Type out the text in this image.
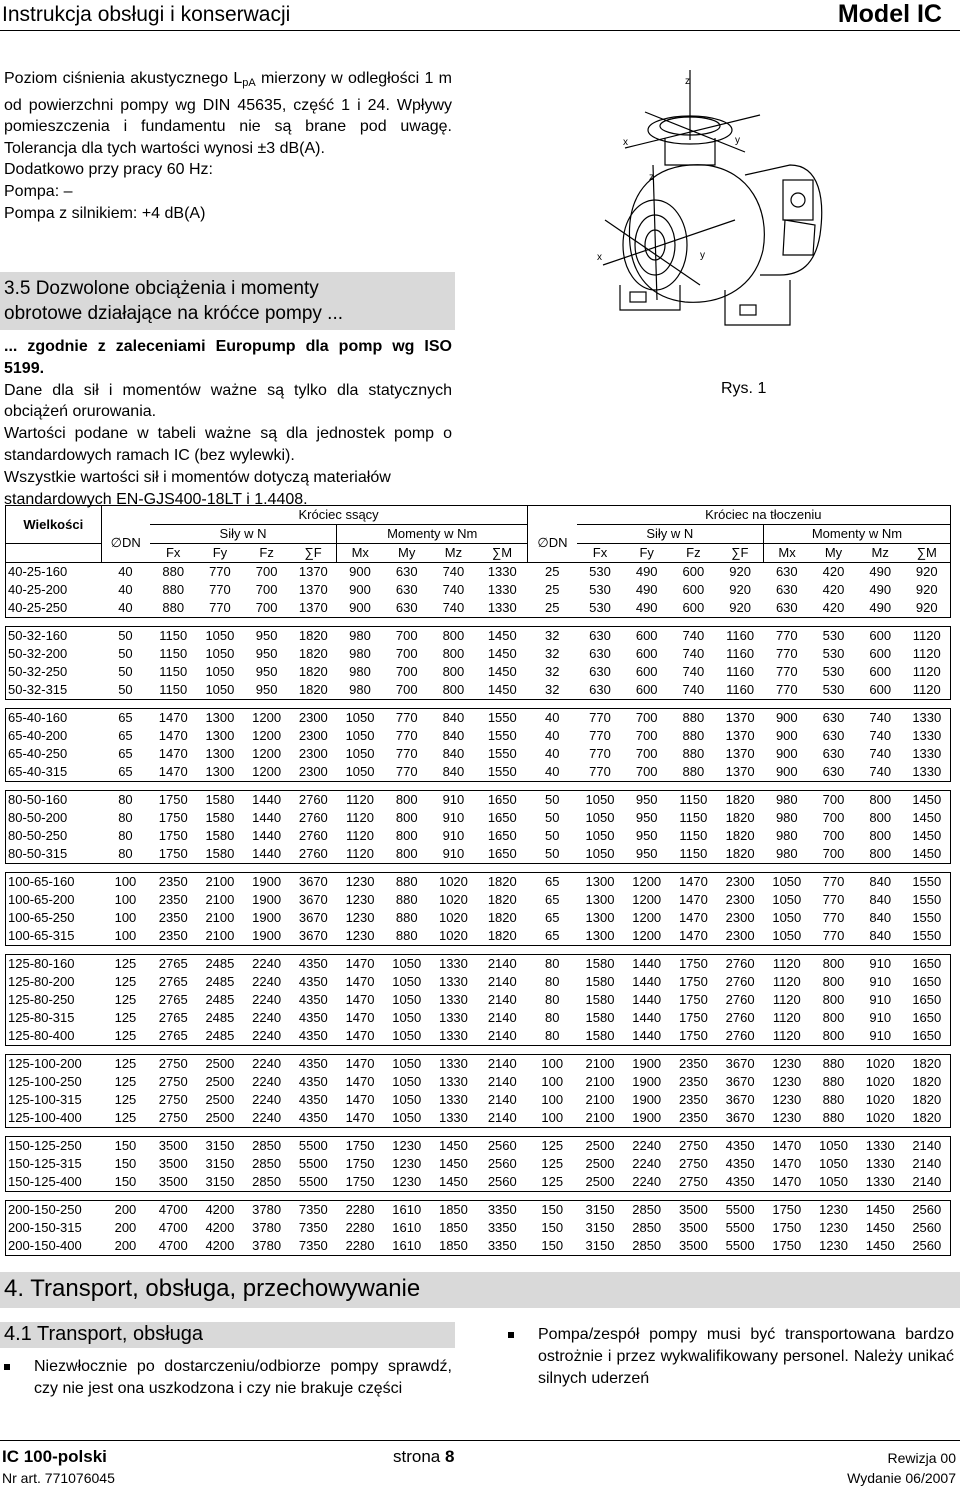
Instrukcja obsługi i konserwacji	Model IC

Poziom ciśnienia akustycznego $L_{pA}$ mierzony w odległości 1 m od powierzchni pompy wg DIN 45635, część 1 i 24. Wpływy pomieszczenia i fundamentu nie są brane pod uwagę. Tolerancja dla tych wartości wynosi ±3 dB(A).

Dodatkowo przy pracy 60 Hz:

Pompa: –

Pompa z silnikiem: +4 dB(A)

3.5 Dozwolone obciążenia i momenty
obrotowe działające na króćce pompy ...

... zgodnie z zaleceniami Europump dla pomp wg ISO 5199.

Dane dla sił i momentów ważne są tylko dla statycznych obciążeń orurowania.

Wartości podane w tabeli ważne są dla jednostek pomp o standardowych ramach IC (bez wylewki).

Wszystkie wartości sił i momentów dotyczą materiałów standardowych EN-GJS400-18LT i 1.4408.

z
x	y
z
x	y
Rys. 1
Wielkości		Króciec ssący									Króciec na tłoczeniu							
	∅DN	Siły w N				Momenty w Nm				∅DN	Siły w N				Momenty w Nm			
		Fx	Fy	Fz	∑F	Mx	My	Mz	∑M		Fx	Fy	Fz	∑F	Mx	My	Mz	∑M
40-25-160	40	880	770	700	1370	900	630	740	1330	25	530	490	600	920	630	420	490	920
40-25-200	40	880	770	700	1370	900	630	740	1330	25	530	490	600	920	630	420	490	920
40-25-250	40	880	770	700	1370	900	630	740	1330	25	530	490	600	920	630	420	490	920

50-32-160	50	1150	1050	950	1820	980	700	800	1450	32	630	600	740	1160	770	530	600	1120
50-32-200	50	1150	1050	950	1820	980	700	800	1450	32	630	600	740	1160	770	530	600	1120
50-32-250	50	1150	1050	950	1820	980	700	800	1450	32	630	600	740	1160	770	530	600	1120
50-32-315	50	1150	1050	950	1820	980	700	800	1450	32	630	600	740	1160	770	530	600	1120

65-40-160	65	1470	1300	1200	2300	1050	770	840	1550	40	770	700	880	1370	900	630	740	1330
65-40-200	65	1470	1300	1200	2300	1050	770	840	1550	40	770	700	880	1370	900	630	740	1330
65-40-250	65	1470	1300	1200	2300	1050	770	840	1550	40	770	700	880	1370	900	630	740	1330
65-40-315	65	1470	1300	1200	2300	1050	770	840	1550	40	770	700	880	1370	900	630	740	1330

80-50-160	80	1750	1580	1440	2760	1120	800	910	1650	50	1050	950	1150	1820	980	700	800	1450
80-50-200	80	1750	1580	1440	2760	1120	800	910	1650	50	1050	950	1150	1820	980	700	800	1450
80-50-250	80	1750	1580	1440	2760	1120	800	910	1650	50	1050	950	1150	1820	980	700	800	1450
80-50-315	80	1750	1580	1440	2760	1120	800	910	1650	50	1050	950	1150	1820	980	700	800	1450

100-65-160	100	2350	2100	1900	3670	1230	880	1020	1820	65	1300	1200	1470	2300	1050	770	840	1550
100-65-200	100	2350	2100	1900	3670	1230	880	1020	1820	65	1300	1200	1470	2300	1050	770	840	1550
100-65-250	100	2350	2100	1900	3670	1230	880	1020	1820	65	1300	1200	1470	2300	1050	770	840	1550
100-65-315	100	2350	2100	1900	3670	1230	880	1020	1820	65	1300	1200	1470	2300	1050	770	840	1550

125-80-160	125	2765	2485	2240	4350	1470	1050	1330	2140	80	1580	1440	1750	2760	1120	800	910	1650
125-80-200	125	2765	2485	2240	4350	1470	1050	1330	2140	80	1580	1440	1750	2760	1120	800	910	1650
125-80-250	125	2765	2485	2240	4350	1470	1050	1330	2140	80	1580	1440	1750	2760	1120	800	910	1650
125-80-315	125	2765	2485	2240	4350	1470	1050	1330	2140	80	1580	1440	1750	2760	1120	800	910	1650
125-80-400	125	2765	2485	2240	4350	1470	1050	1330	2140	80	1580	1440	1750	2760	1120	800	910	1650

125-100-200	125	2750	2500	2240	4350	1470	1050	1330	2140	100	2100	1900	2350	3670	1230	880	1020	1820
125-100-250	125	2750	2500	2240	4350	1470	1050	1330	2140	100	2100	1900	2350	3670	1230	880	1020	1820
125-100-315	125	2750	2500	2240	4350	1470	1050	1330	2140	100	2100	1900	2350	3670	1230	880	1020	1820
125-100-400	125	2750	2500	2240	4350	1470	1050	1330	2140	100	2100	1900	2350	3670	1230	880	1020	1820

150-125-250	150	3500	3150	2850	5500	1750	1230	1450	2560	125	2500	2240	2750	4350	1470	1050	1330	2140
150-125-315	150	3500	3150	2850	5500	1750	1230	1450	2560	125	2500	2240	2750	4350	1470	1050	1330	2140
150-125-400	150	3500	3150	2850	5500	1750	1230	1450	2560	125	2500	2240	2750	4350	1470	1050	1330	2140

200-150-250	200	4700	4200	3780	7350	2280	1610	1850	3350	150	3150	2850	3500	5500	1750	1230	1450	2560
200-150-315	200	4700	4200	3780	7350	2280	1610	1850	3350	150	3150	2850	3500	5500	1750	1230	1450	2560
200-150-400	200	4700	4200	3780	7350	2280	1610	1850	3350	150	3150	2850	3500	5500	1750	1230	1450	2560
4. Transport, obsługa, przechowywanie
4.1 Transport, obsługa
Niezwłocznie po dostarczeniu/odbiorze pompy sprawdź, czy nie jest ona uszkodzona i czy nie brakuje części
Pompa/zespół pompy musi być transportowana bardzo ostrożnie i przez wykwalifikowany personel. Należy unikać silnych uderzeń
IC 100-polski
Nr art. 771076045
strona 8	Rewizja 00
Wydanie 06/2007
